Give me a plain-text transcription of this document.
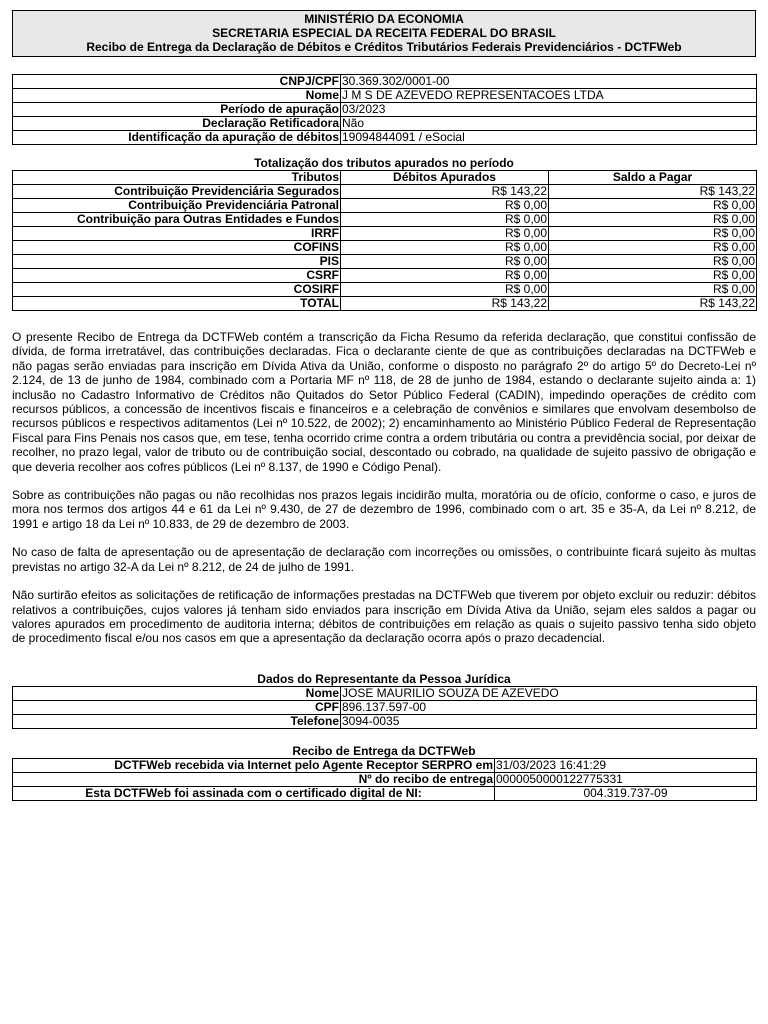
MINISTÉRIO DA ECONOMIA
SECRETARIA ESPECIAL DA RECEITA FEDERAL DO BRASIL
Recibo de Entrega da Declaração de Débitos e Créditos Tributários Federais Previdenciários - DCTFWeb
CNPJ/CPF	30.369.302/0001-00
Nome	J M S DE AZEVEDO REPRESENTACOES LTDA
Período de apuração	03/2023
Declaração Retificadora	Não
Identificação da apuração de débitos	19094844091 / eSocial
Totalização dos tributos apurados no período
Tributos	Débitos Apurados	Saldo a Pagar
Contribuição Previdenciária Segurados	R$ 143,22	R$ 143,22
Contribuição Previdenciária Patronal	R$ 0,00	R$ 0,00
Contribuição para Outras Entidades e Fundos	R$ 0,00	R$ 0,00
IRRF	R$ 0,00	R$ 0,00
COFINS	R$ 0,00	R$ 0,00
PIS	R$ 0,00	R$ 0,00
CSRF	R$ 0,00	R$ 0,00
COSIRF	R$ 0,00	R$ 0,00
TOTAL	R$ 143,22	R$ 143,22

O presente Recibo de Entrega da DCTFWeb contém a transcrição da Ficha Resumo da referida declaração, que constitui confissão de dívida, de forma irretratável, das contribuições declaradas. Fica o declarante ciente de que as contribuições declaradas na DCTFWeb e não pagas serão enviadas para inscrição em Dívida Ativa da União, conforme o disposto no parágrafo 2º do artigo 5º do Decreto-Lei nº 2.124, de 13 de junho de 1984, combinado com a Portaria MF nº 118, de 28 de junho de 1984, estando o declarante sujeito ainda a: 1) inclusão no Cadastro Informativo de Créditos não Quitados do Setor Público Federal (CADIN), impedindo operações de crédito com recursos públicos, a concessão de incentivos fiscais e financeiros e a celebração de convênios e similares que envolvam desembolso de recursos públicos e respectivos aditamentos (Lei nº 10.522, de 2002); 2) encaminhamento ao Ministério Público Federal de Representação Fiscal para Fins Penais nos casos que, em tese, tenha ocorrido crime contra a ordem tributária ou contra a previdência social, por deixar de recolher, no prazo legal, valor de tributo ou de contribuição social, descontado ou cobrado, na qualidade de sujeito passivo de obrigação e que deveria recolher aos cofres públicos (Lei nº 8.137, de 1990 e Código Penal).

Sobre as contribuições não pagas ou não recolhidas nos prazos legais incidirão multa, moratória ou de ofício, conforme o caso, e juros de mora nos termos dos artigos 44 e 61 da Lei nº 9.430, de 27 de dezembro de 1996, combinado com o art. 35 e 35-A, da Lei nº 8.212, de 1991 e artigo 18 da Lei nº 10.833, de 29 de dezembro de 2003.

No caso de falta de apresentação ou de apresentação de declaração com incorreções ou omissões, o contribuinte ficará sujeito às multas previstas no artigo 32-A da Lei nº 8.212, de 24 de julho de 1991.

Não surtirão efeitos as solicitações de retificação de informações prestadas na DCTFWeb que tiverem por objeto excluir ou reduzir: débitos relativos a contribuições, cujos valores já tenham sido enviados para inscrição em Dívida Ativa da União, sejam eles saldos a pagar ou valores apurados em procedimento de auditoria interna; débitos de contribuições em relação as quais o sujeito passivo tenha sido objeto de procedimento fiscal e/ou nos casos em que a apresentação da declaração ocorra após o prazo decadencial.

Dados do Representante da Pessoa Jurídica
Nome	JOSE MAURILIO SOUZA DE AZEVEDO
CPF	896.137.597-00
Telefone	3094-0035
Recibo de Entrega da DCTFWeb
DCTFWeb recebida via Internet pelo Agente Receptor SERPRO em	31/03/2023 16:41:29
Nº do recibo de entrega	0000050000122775331
Esta DCTFWeb foi assinada com o certificado digital de NI:	004.319.737-09
